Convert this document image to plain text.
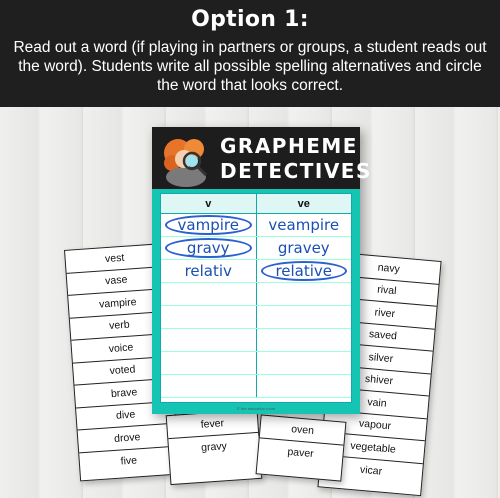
Option 1:

Read out a word (if playing in partners or groups, a student reads out the word). Students write all possible spelling alternatives and circle the word that looks correct.

vest
vase
vampire
verb
voice
voted
brave
dive
drove
five
fever
gravy
navy
rival
river
saved
silver
shiver
vain
vapour
vegetable
vicar
oven
paver
GRAPHEME
DETECTIVES
v	ve
vampire	veampire
gravy	gravey
relativ	relative
© the education room
